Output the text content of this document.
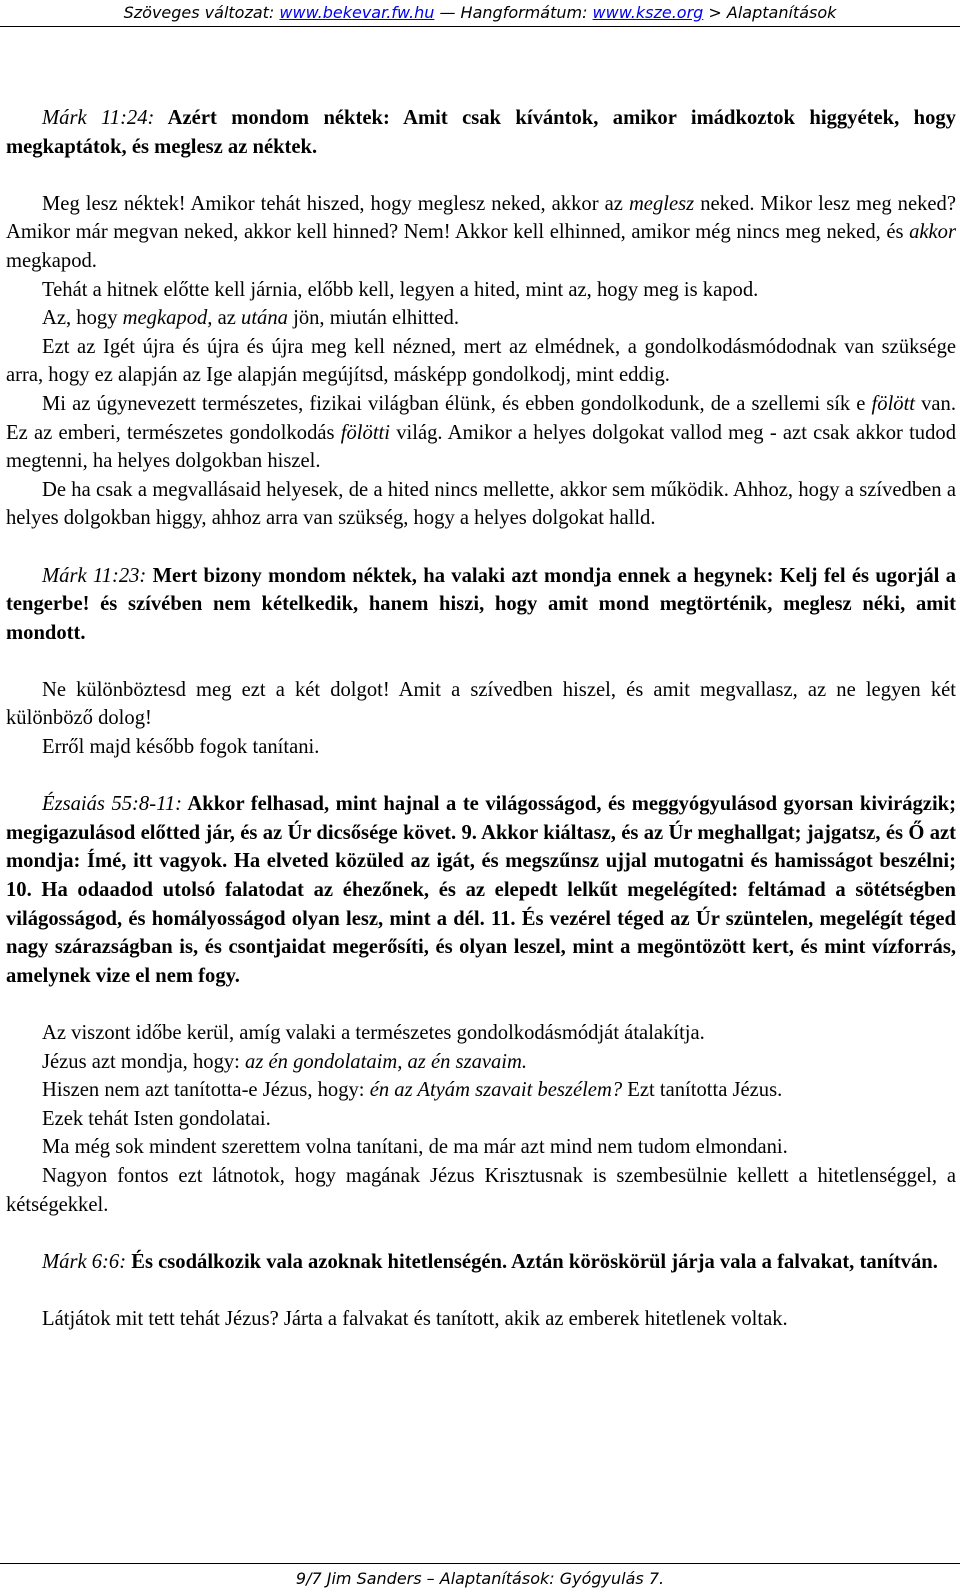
Szöveges változat: www.bekevar.fw.hu — Hangformátum: www.ksze.org > Alaptanítások

Márk 11:24: Azért mondom néktek: Amit csak kívántok, amikor imádkoztok higgyétek, hogy megkaptátok, és meglesz az néktek.

Meg lesz néktek! Amikor tehát hiszed, hogy meglesz neked, akkor az meglesz neked. Mikor lesz meg neked? Amikor már megvan neked, akkor kell hinned? Nem! Akkor kell elhinned, amikor még nincs meg neked, és akkor megkapod.

Tehát a hitnek előtte kell járnia, előbb kell, legyen a hited, mint az, hogy meg is kapod.

Az, hogy megkapod, az utána jön, miután elhitted.

Ezt az Igét újra és újra és újra meg kell nézned, mert az elmédnek, a gondolkodásmódodnak van szüksége arra, hogy ez alapján az Ige alapján megújítsd, másképp gondolkodj, mint eddig.

Mi az úgynevezett természetes, fizikai világban élünk, és ebben gondolkodunk, de a szellemi sík e fölött van. Ez az emberi, természetes gondolkodás fölötti világ. Amikor a helyes dolgokat vallod meg - azt csak akkor tudod megtenni, ha helyes dolgokban hiszel.

De ha csak a megvallásaid helyesek, de a hited nincs mellette, akkor sem működik. Ahhoz, hogy a szívedben a helyes dolgokban higgy, ahhoz arra van szükség, hogy a helyes dolgokat halld.

Márk 11:23: Mert bizony mondom néktek, ha valaki azt mondja ennek a hegynek: Kelj fel és ugorjál a tengerbe! és szívében nem kételkedik, hanem hiszi, hogy amit mond megtörténik, meglesz néki, amit mondott.

Ne különböztesd meg ezt a két dolgot! Amit a szívedben hiszel, és amit megvallasz, az ne legyen két különböző dolog!

Erről majd később fogok tanítani.

Ézsaiás 55:8-11: Akkor felhasad, mint hajnal a te világosságod, és meggyógyulásod gyorsan kivirágzik; megigazulásod előtted jár, és az Úr dicsősége követ. 9. Akkor kiáltasz, és az Úr meghallgat; jajgatsz, és Ő azt mondja: Ímé, itt vagyok. Ha elveted közüled az igát, és megszűnsz ujjal mutogatni és hamisságot beszélni; 10. Ha odaadod utolsó falatodat az éhezőnek, és az elepedt lelkűt megelégíted: feltámad a sötétségben világosságod, és homályosságod olyan lesz, mint a dél. 11. És vezérel téged az Úr szüntelen, megelégít téged nagy szárazságban is, és csontjaidat megerősíti, és olyan leszel, mint a megöntözött kert, és mint vízforrás, amelynek vize el nem fogy.

Az viszont időbe kerül, amíg valaki a természetes gondolkodásmódját átalakítja.

Jézus azt mondja, hogy: az én gondolataim, az én szavaim.

Hiszen nem azt tanította-e Jézus, hogy: én az Atyám szavait beszélem? Ezt tanította Jézus.

Ezek tehát Isten gondolatai.

Ma még sok mindent szerettem volna tanítani, de ma már azt mind nem tudom elmondani.

Nagyon fontos ezt látnotok, hogy magának Jézus Krisztusnak is szembesülnie kellett a hitetlenséggel, a kétségekkel.

Márk 6:6: És csodálkozik vala azoknak hitetlenségén. Aztán köröskörül járja vala a falvakat, tanítván.

Látjátok mit tett tehát Jézus? Járta a falvakat és tanított, akik az emberek hitetlenek voltak.

9/7 Jim Sanders – Alaptanítások: Gyógyulás 7.
